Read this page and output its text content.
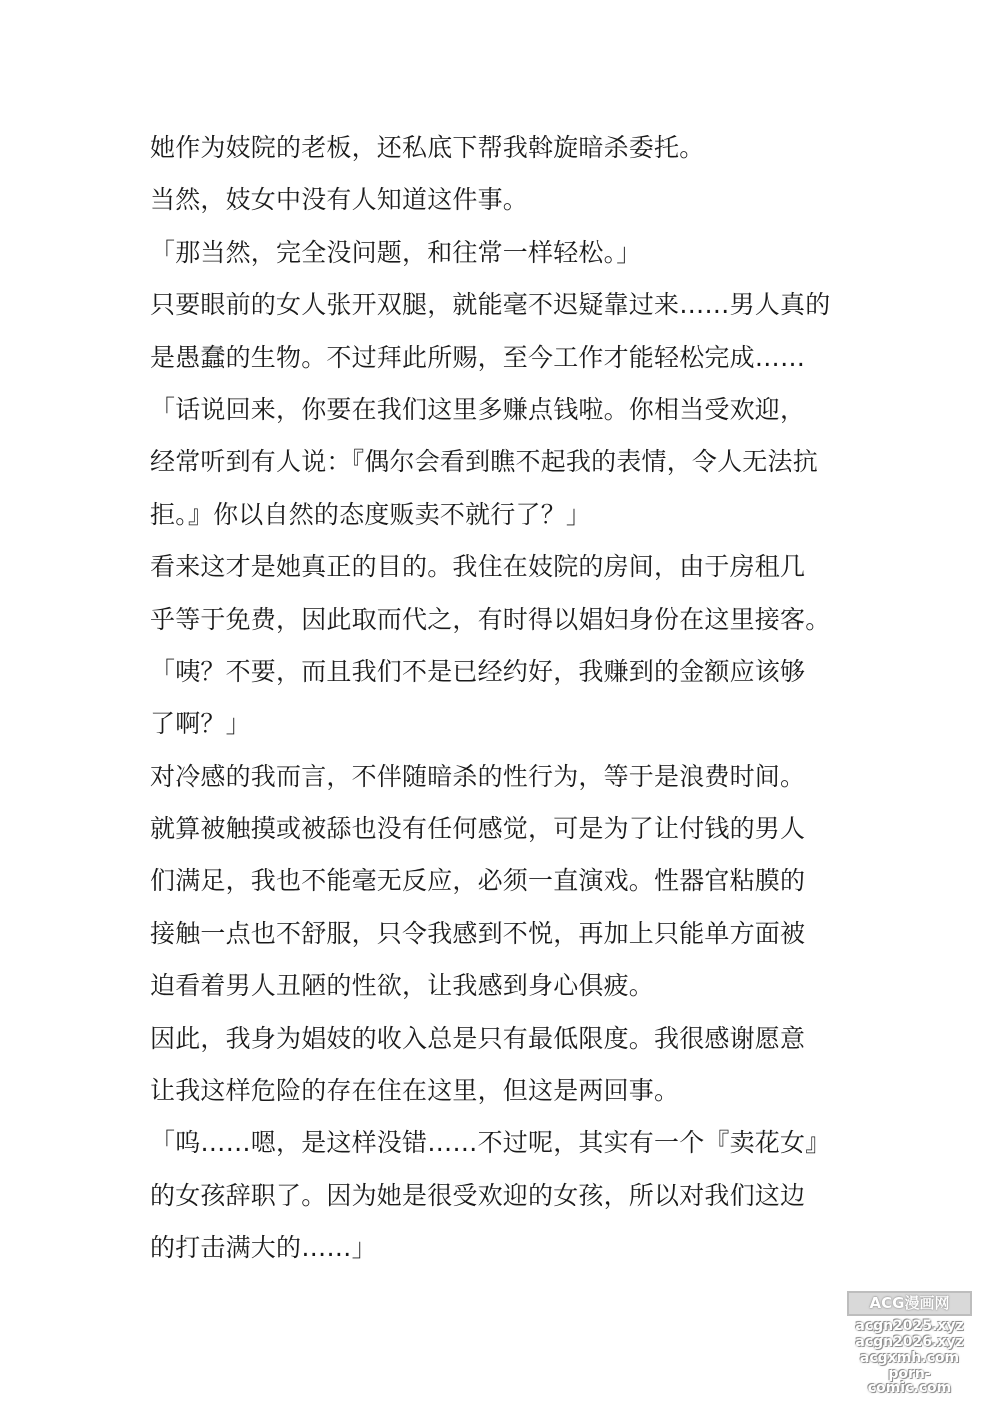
她作为妓院的老板，还私底下帮我斡旋暗杀委托。
当然，妓女中没有人知道这件事。
「那当然，完全没问题，和往常一样轻松。」
只要眼前的女人张开双腿，就能毫不迟疑靠过来……男人真的
是愚蠢的生物。不过拜此所赐，至今工作才能轻松完成……
「话说回来，你要在我们这里多赚点钱啦。你相当受欢迎，
经常听到有人说：『偶尔会看到瞧不起我的表情，令人无法抗
拒。』你以自然的态度贩卖不就行了？」
看来这才是她真正的目的。我住在妓院的房间，由于房租几
乎等于免费，因此取而代之，有时得以娼妇身份在这里接客。
「咦？不要，而且我们不是已经约好，我赚到的金额应该够
了啊？」
对冷感的我而言，不伴随暗杀的性行为，等于是浪费时间。
就算被触摸或被舔也没有任何感觉，可是为了让付钱的男人
们满足，我也不能毫无反应，必须一直演戏。性器官粘膜的
接触一点也不舒服，只令我感到不悦，再加上只能单方面被
迫看着男人丑陋的性欲，让我感到身心俱疲。
因此，我身为娼妓的收入总是只有最低限度。我很感谢愿意
让我这样危险的存在住在这里，但这是两回事。
「呜……嗯，是这样没错……不过呢，其实有一个『卖花女』
的女孩辞职了。因为她是很受欢迎的女孩，所以对我们这边
的打击满大的……」
ACG漫画网
acgn2025.xyz
acgn2026.xyz
acgxmh.com
porn-comic.com
